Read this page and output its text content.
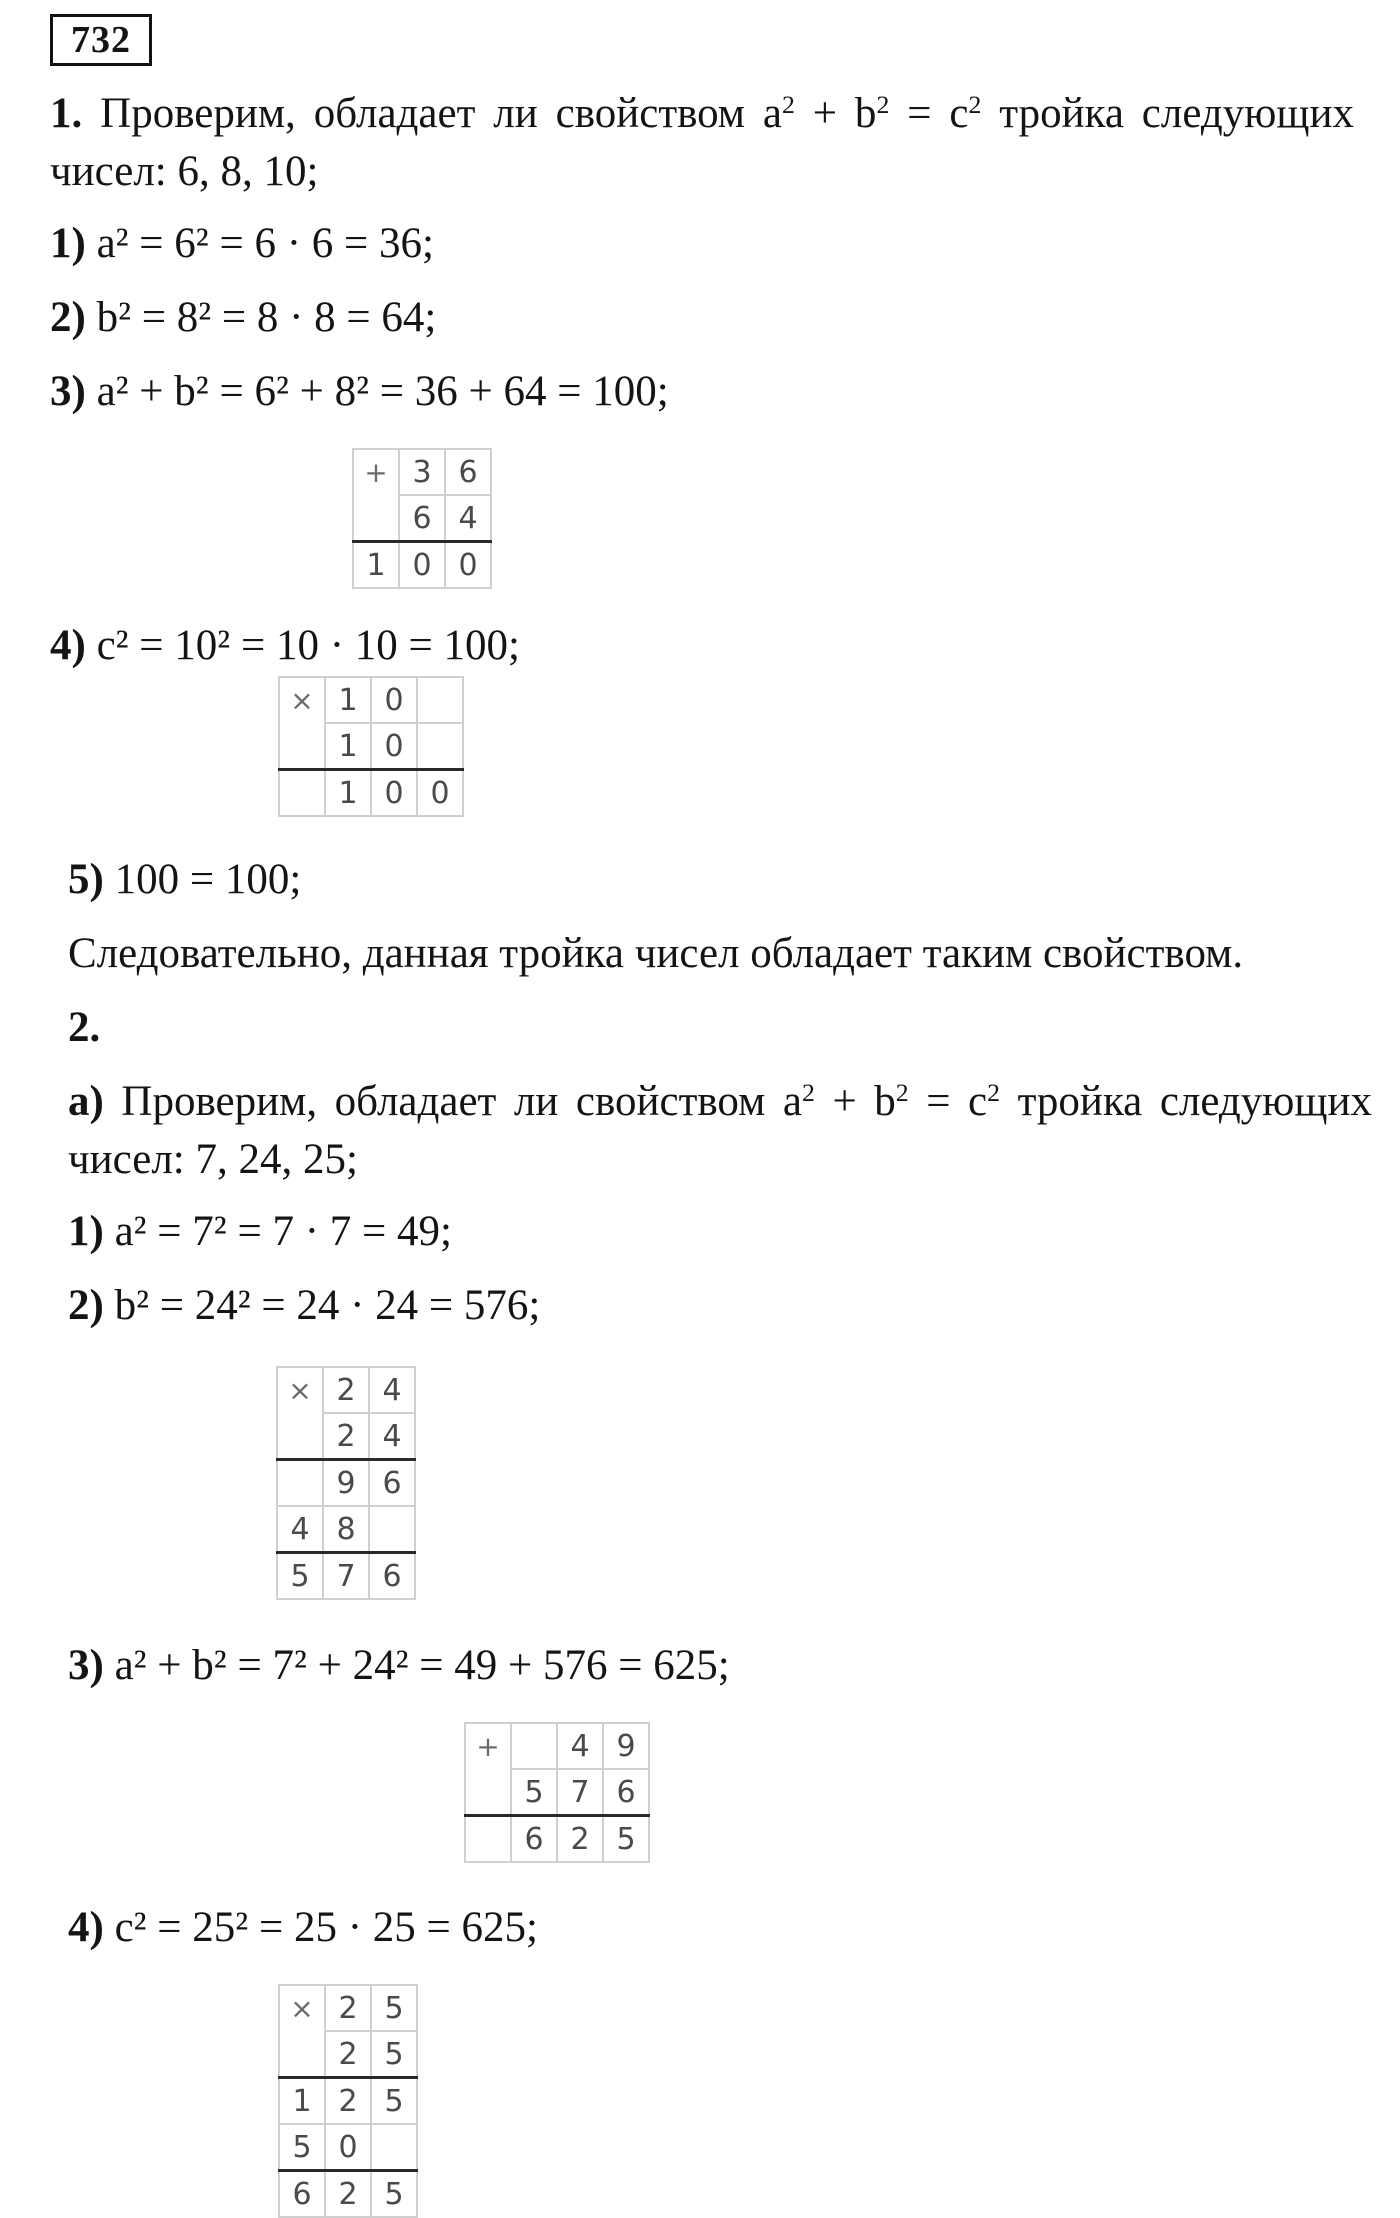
732
1. Проверим, обладает ли свойством $a^2 + b^2 = c^2$ тройка следующих
чисел: 6, 8, 10;
1) a² = 6² = 6 · 6 = 36;
2) b² = 8² = 8 · 8 = 64;
3) a² + b² = 6² + 8² = 36 + 64 = 100;
+	3	6
	6	4
1	0	0
4) c² = 10² = 10 · 10 = 100;
×	1	0	
	1	0	
	1	0	0
5) 100 = 100;
Следовательно, данная тройка чисел обладает таким свойством.
2.
а) Проверим, обладает ли свойством $a^2 + b^2 = c^2$ тройка следующих
чисел: 7, 24, 25;
1) a² = 7² = 7 · 7 = 49;
2) b² = 24² = 24 · 24 = 576;
×	2	4
	2	4
	9	6
4	8	
5	7	6
3) a² + b² = 7² + 24² = 49 + 576 = 625;
+		4	9
	5	7	6
	6	2	5
4) c² = 25² = 25 · 25 = 625;
×	2	5
	2	5
1	2	5
5	0	
6	2	5
